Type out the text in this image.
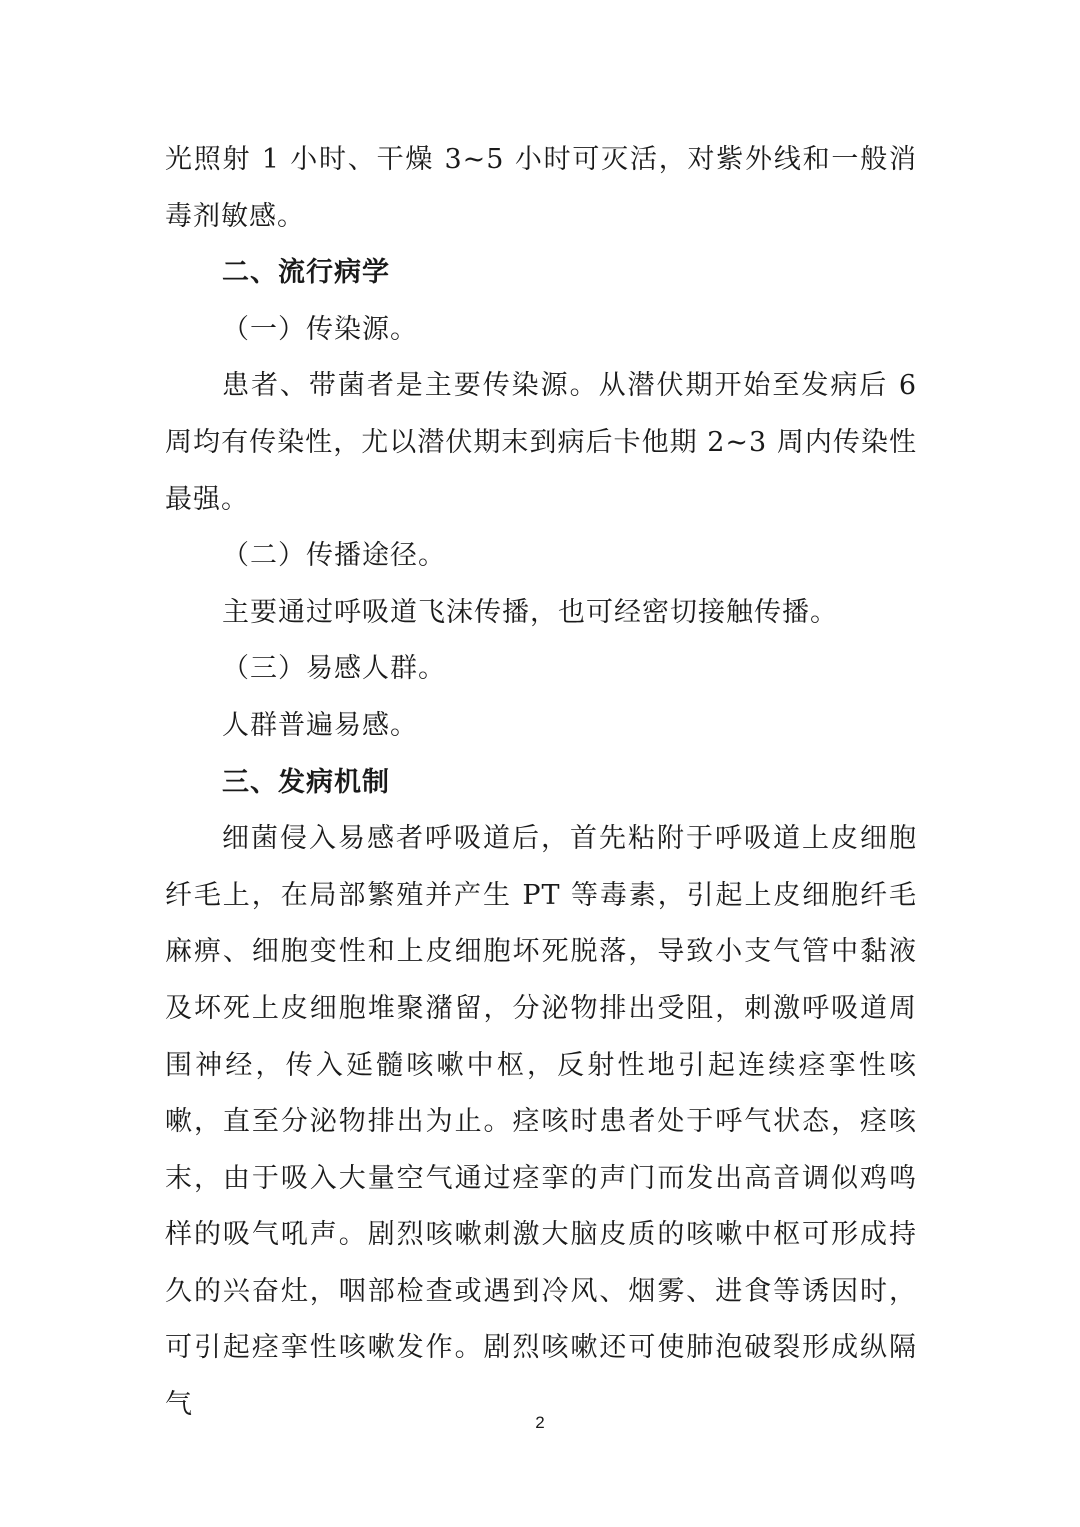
光照射 1 小时、干燥 3~5 小时可灭活，对紫外线和一般消毒剂敏感。

二、流行病学

（一）传染源。

患者、带菌者是主要传染源。从潜伏期开始至发病后 6 周均有传染性，尤以潜伏期末到病后卡他期 2~3 周内传染性最强。

（二）传播途径。

主要通过呼吸道飞沫传播，也可经密切接触传播。

（三）易感人群。

人群普遍易感。

三、发病机制

细菌侵入易感者呼吸道后，首先粘附于呼吸道上皮细胞纤毛上，在局部繁殖并产生 PT 等毒素，引起上皮细胞纤毛麻痹、细胞变性和上皮细胞坏死脱落，导致小支气管中黏液及坏死上皮细胞堆聚潴留，分泌物排出受阻，刺激呼吸道周围神经，传入延髓咳嗽中枢，反射性地引起连续痉挛性咳嗽，直至分泌物排出为止。痉咳时患者处于呼气状态，痉咳末，由于吸入大量空气通过痉挛的声门而发出高音调似鸡鸣样的吸气吼声。剧烈咳嗽刺激大脑皮质的咳嗽中枢可形成持久的兴奋灶，咽部检查或遇到冷风、烟雾、进食等诱因时，可引起痉挛性咳嗽发作。剧烈咳嗽还可使肺泡破裂形成纵隔气

2
